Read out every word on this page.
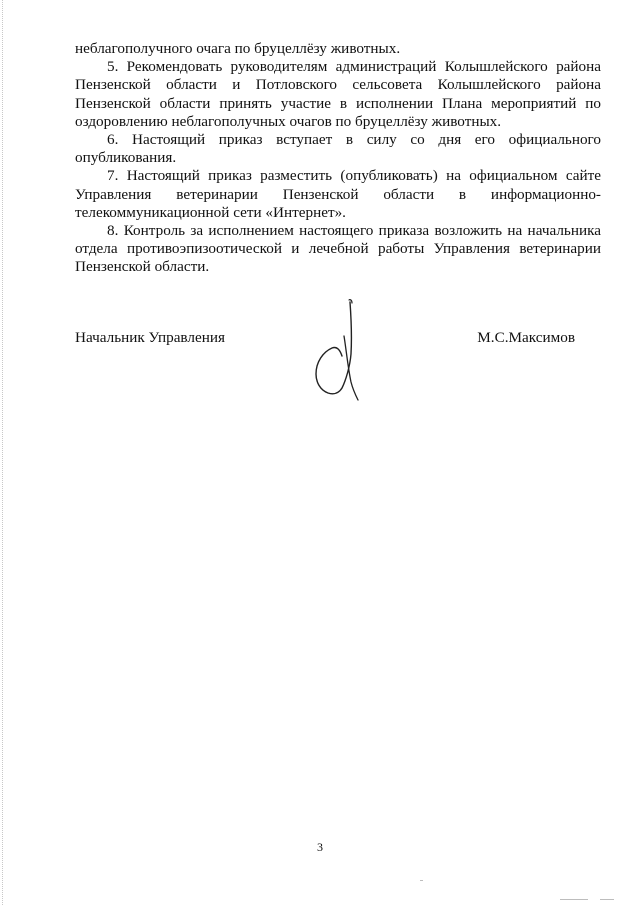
неблагополучного очага по бруцеллёзу животных.

5. Рекомендовать руководителям администраций Колышлейского района Пензенской области и Потловского сельсовета Колышлейского района Пензенской области принять участие в исполнении Плана мероприятий по оздоровлению неблагополучных очагов по бруцеллёзу животных.

6. Настоящий приказ вступает в силу со дня его официального опубликования.

7. Настоящий приказ разместить (опубликовать) на официальном сайте Управления ветеринарии Пензенской области в информационно-телекоммуникационной сети «Интернет».

8. Контроль за исполнением настоящего приказа возложить на начальника отдела противоэпизоотической и лечебной работы Управления ветеринарии Пензенской области.

Начальник Управления	М.С.Максимов
3
